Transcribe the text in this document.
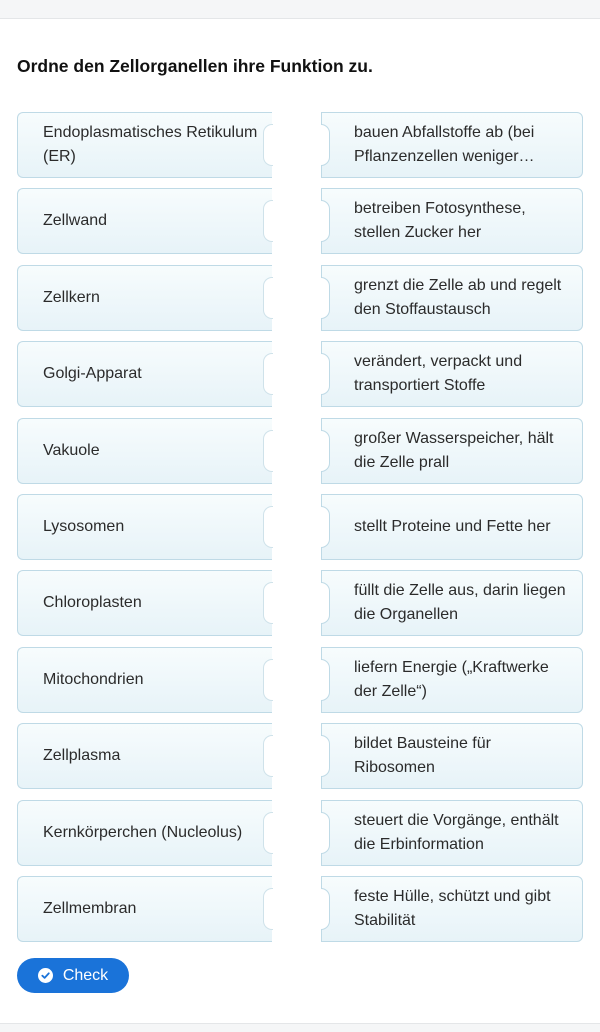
Ordne den Zellorganellen ihre Funktion zu.
Endoplasmatisches Retikulum (ER)
bauen Abfallstoffe ab (bei Pflanzenzellen weniger…
Zellwand
betreiben Fotosynthese, stellen Zucker her
Zellkern
grenzt die Zelle ab und regelt den Stoffaustausch
Golgi-Apparat
verändert, verpackt und transportiert Stoffe
Vakuole
großer Wasserspeicher, hält die Zelle prall
Lysosomen	stellt Proteine und Fette her
Chloroplasten
füllt die Zelle aus, darin liegen die Organellen
Mitochondrien
liefern Energie („Kraftwerke der Zelle“)
Zellplasma
bildet Bausteine für Ribosomen
Kernkörperchen (Nucleolus)
steuert die Vorgänge, enthält die Erbinformation
Zellmembran
feste Hülle, schützt und gibt Stabilität
Check
